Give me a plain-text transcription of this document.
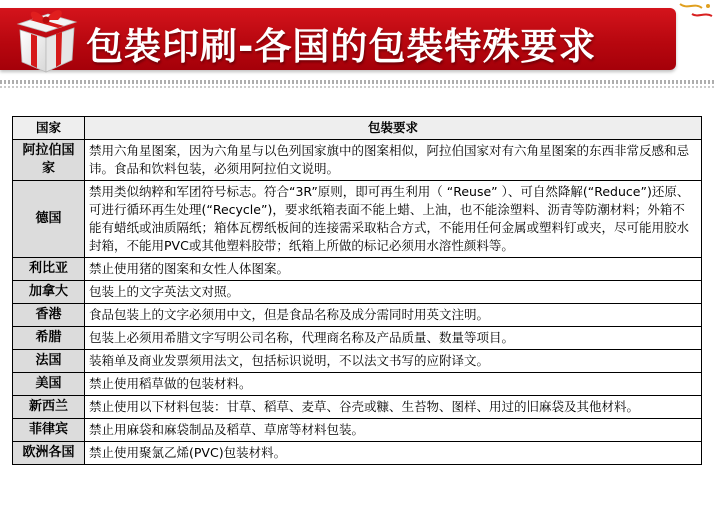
包裝印刷-各国的包裝特殊要求
国家	包裝要求
阿拉伯国家	禁用六角星图案，因为六角星与以色列国家旗中的图案相似，阿拉伯国家对有六角星图案的东西非常反感和忌讳。食品和饮料包装，必须用阿拉伯文说明。
德国	禁用类似纳粹和军团符号标志。符合“3R”原则，即可再生利用（ “Reuse” ）、可自然降解(“Reduce”)还原、可进行循环再生处理(“Recycle”)，要求纸箱表面不能上蜡、上油，也不能涂塑料、沥青等防潮材料；外箱不能有蜡纸或油质隔纸；箱体瓦楞纸板间的连接需采取粘合方式，不能用任何金属或塑料钉或夹，尽可能用胶水封箱，不能用PVC或其他塑料胶带；纸箱上所做的标记必须用水溶性颜料等。
利比亚	禁止使用猪的图案和女性人体图案。
加拿大	包装上的文字英法文对照。
香港	食品包装上的文字必须用中文，但是食品名称及成分需同时用英文注明。
希腊	包装上必须用希腊文字写明公司名称，代理商名称及产品质量、数量等项目。
法国	装箱单及商业发票须用法文，包括标识说明，不以法文书写的应附译文。
美国	禁止使用稻草做的包装材料。
新西兰	禁止使用以下材料包装：甘草、稻草、麦草、谷壳或糠、生苔物、图样、用过的旧麻袋及其他材料。
菲律宾	禁止用麻袋和麻袋制品及稻草、草席等材料包装。
欧洲各国	禁止使用聚氯乙烯(PVC)包装材料。
